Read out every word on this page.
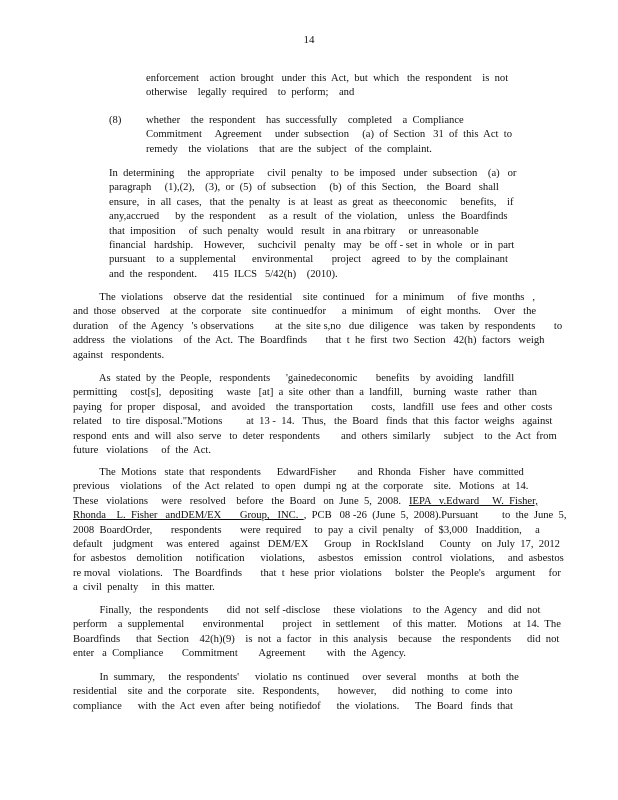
14
enforcement    action  brought   under  this  Act,  but  which   the  respondent    is  not
otherwise    legally  required    to  perform;    and
(8) whether    the  respondent    has  successfully    completed    a  Compliance
Commitment     Agreement     under  subsection     (a)  of  Section   31  of  this  Act  to
remedy    the  violations    that  are  the  subject   of  the  complaint.
In  determining     the  appropriate     civil  penalty   to  be  imposed   under  subsection    (a)   or
paragraph     (1),(2),    (3),  or  (5)  of  subsection     (b)  of  this  Section,    the  Board   shall
ensure,   in  all  cases,   that  the  penalty   is  at  least  as  great  as  theeconomic     benefits,    if
any,accrued      by  the  respondent     as  a  result   of  the  violation,    unless   the  Boardfinds
that  imposition     of  such  penalty   would   result   in  ana rbitrary     or  unreasonable
financial   hardship.    However,     suchcivil   penalty   may   be  off - set  in  whole   or  in  part
pursuant    to  a  supplemental      environmental       project    agreed   to  by  the  complainant
and  the  respondent.      415  ILCS   5/42(h)    (2010).
The  violations    observe  dat  the  residential    site  continued    for  a  minimum     of  five  months   ,
and  those  observed    at  the  corporate    site  continuedfor      a  minimum     of  eight  months.     Over   the
duration    of  the  Agency   's observations        at  the  site s,no   due  diligence    was  taken  by  respondents       to
address   the  violations    of  the  Act.  The  Boardfinds       that  t  he  first  two  Section   42(h)  factors   weigh
against   respondents.
As  stated  by  the  People,   respondents      'gainedeconomic       benefits    by  avoiding    landfill
permitting     cost[s],   depositing     waste   [at]  a  site  other  than  a  landfill,    burning   waste   rather   than
paying   for  proper   disposal,    and  avoided    the  transportation       costs,   landfill   use  fees  and  other  costs
related    to  tire  disposal."Motions         at  13 -  14.   Thus,   the  Board   finds  that  this  factor  weighs   against
respond  ents  and  will  also  serve   to  deter  respondents        and  others  similarly     subject    to  the  Act  from
future   violations     of  the  Act.
The  Motions   state  that  respondents      EdwardFisher        and  Rhonda   Fisher   have  committed
previous    violations    of  the  Act  related   to  open   dumpi  ng  at  the  corporate    site.   Motions   at  14.
These   violations     were   resolved    before   the  Board   on  June  5,  2008.   IEPA   v.Edward     W.  Fisher,
Rhonda    L.  Fisher   andDEM/EX       Group,   INC.  ,  PCB   08 -26  (June  5,  2008).Pursuant         to  the  June  5,
2008  BoardOrder,       respondents       were  required     to  pay  a  civil  penalty    of  $3,000   Inaddition,     a
default    judgment     was  entered    against   DEM/EX      Group    in  RockIsland      County    on  July  17,  2012
for  asbestos    demolition     notification      violations,     asbestos    emission    control   violations,     and  asbestos
re moval   violations.    The  Boardfinds       that  t  hese  prior  violations     bolster   the  People's    argument     for
a  civil  penalty     in  this  matter.
Finally,   the  respondents       did  not  self -disclose     these  violations    to  the  Agency    and  did  not
perform    a  supplemental       environmental       project    in  settlement     of  this  matter.    Motions    at  14.  The
Boardfinds      that  Section    42(h)(9)    is  not  a  factor   in  this  analysis    because    the  respondents      did  not
enter   a  Compliance       Commitment        Agreement        with   the  Agency.
In  summary,     the  respondents'      violatio  ns  continued     over  several    months    at  both  the
residential    site  and  the  corporate    site.   Respondents,       however,      did  nothing   to  come   into
compliance      with  the  Act  even  after  being  notifiedof      the  violations.      The  Board   finds  that
